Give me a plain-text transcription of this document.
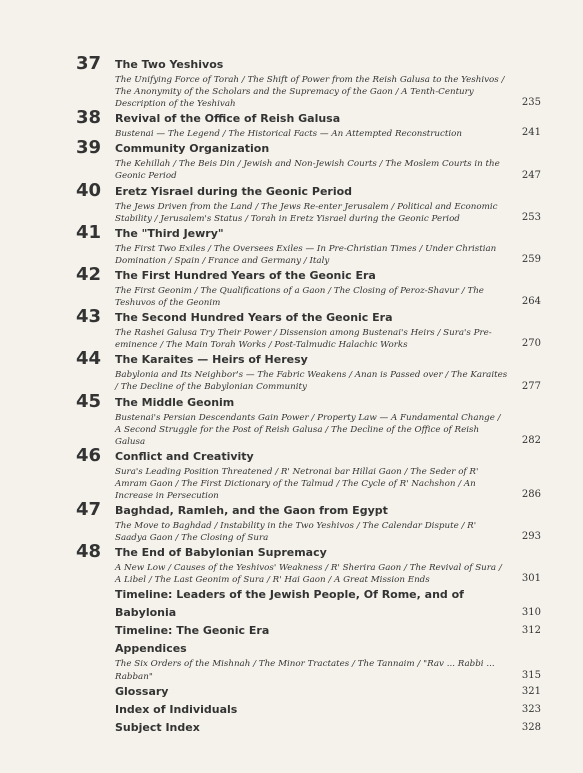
37 The Two Yeshivos
The Unifying Force of Torah / The Shift of Power from the Reish Galusa to the Yeshivos /
The Anonymity of the Scholars and the Supremacy of the Gaon / A Tenth-Century
Description of the Yeshivah	235
38 Revival of the Office of Reish Galusa
Bustenai — The Legend / The Historical Facts — An Attempted Reconstruction	241
39 Community Organization
The Kehillah / The Beis Din / Jewish and Non-Jewish Courts / The Moslem Courts in the
Geonic Period	247
40 Eretz Yisrael during the Geonic Period
The Jews Driven from the Land / The Jews Re-enter Jerusalem / Political and Economic
Stability / Jerusalem's Status / Torah in Eretz Yisrael during the Geonic Period	253
41 The "Third Jewry"
The First Two Exiles / The Oversees Exiles — In Pre-Christian Times / Under Christian
Domination / Spain / France and Germany / Italy	259
42 The First Hundred Years of the Geonic Era
The First Geonim / The Qualifications of a Gaon / The Closing of Peroz-Shavur / The
Teshuvos of the Geonim	264
43 The Second Hundred Years of the Geonic Era
The Rashei Galusa Try Their Power / Dissension among Bustenai's Heirs / Sura's Pre-
eminence / The Main Torah Works / Post-Talmudic Halachic Works	270
44 The Karaites — Heirs of Heresy
Babylonia and Its Neighbor's — The Fabric Weakens / Anan is Passed over / The Karaites
/ The Decline of the Babylonian Community	277
45 The Middle Geonim
Bustenai's Persian Descendants Gain Power / Property Law — A Fundamental Change /
A Second Struggle for the Post of Reish Galusa / The Decline of the Office of Reish
Galusa	282
46 Conflict and Creativity
Sura's Leading Position Threatened / R' Netronai bar Hillai Gaon / The Seder of R'
Amram Gaon / The First Dictionary of the Talmud / The Cycle of R' Nachshon / An
Increase in Persecution	286
47 Baghdad, Ramleh, and the Gaon from Egypt
The Move to Baghdad / Instability in the Two Yeshivos / The Calendar Dispute / R'
Saadya Gaon / The Closing of Sura	293
48 The End of Babylonian Supremacy
A New Low / Causes of the Yeshivos' Weakness / R' Sherira Gaon / The Revival of Sura /
A Libel / The Last Geonim of Sura / R' Hai Gaon / A Great Mission Ends	301
Timeline: Leaders of the Jewish People, Of Rome, and of
Babylonia	310
Timeline: The Geonic Era	312
Appendices
The Six Orders of the Mishnah / The Minor Tractates / The Tannaim / "Rav ... Rabbi ...
Rabban"	315
Glossary	321
Index of Individuals	323
Subject Index	328
